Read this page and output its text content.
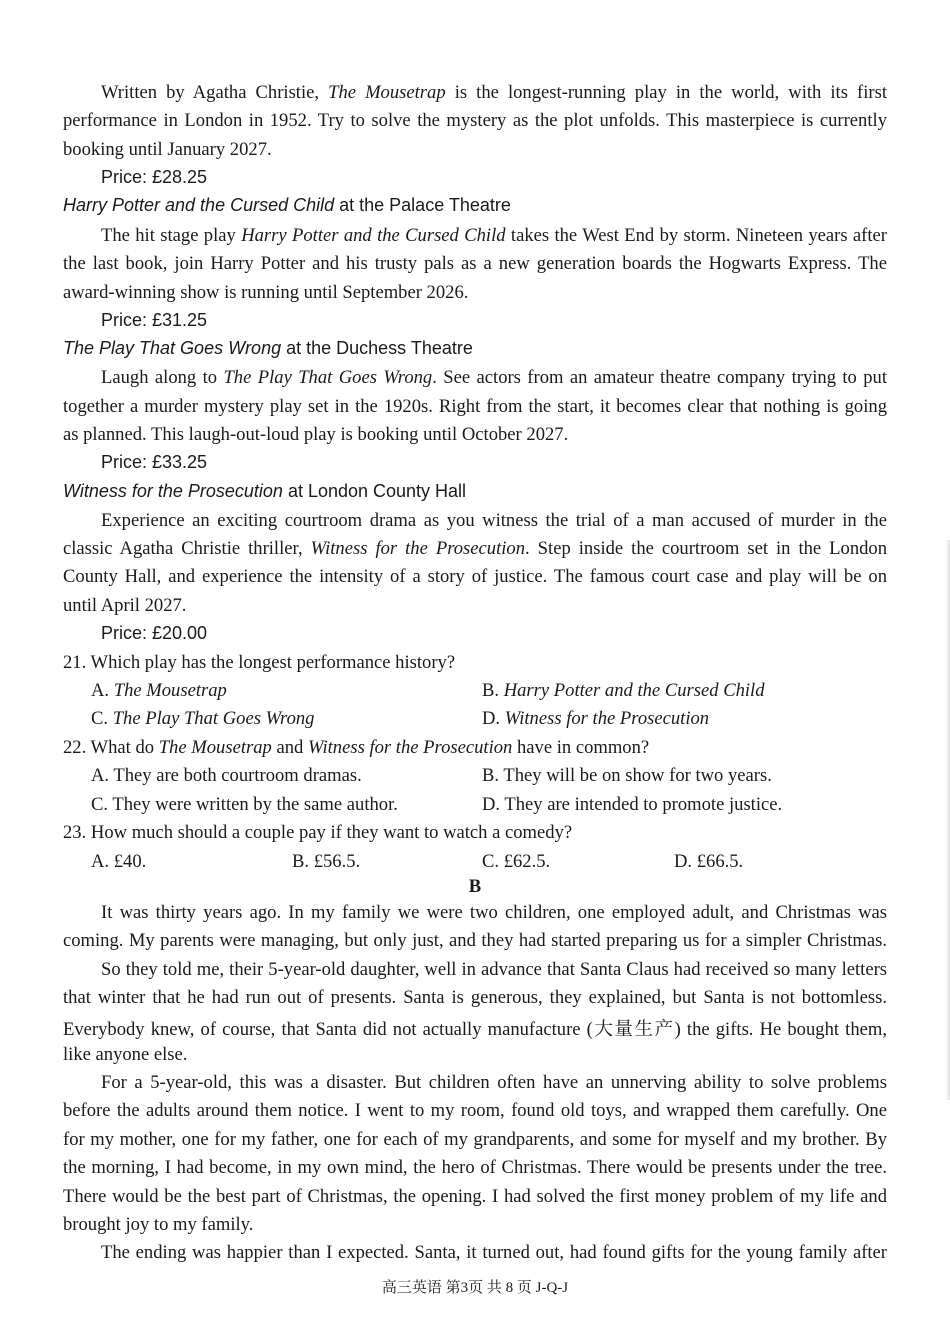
Written by Agatha Christie, The Mousetrap is the longest-running play in the world, with its first
performance in London in 1952. Try to solve the mystery as the plot unfolds. This masterpiece is currently
booking until January 2027.
Price: £28.25
Harry Potter and the Cursed Child at the Palace Theatre
The hit stage play Harry Potter and the Cursed Child takes the West End by storm. Nineteen years after
the last book, join Harry Potter and his trusty pals as a new generation boards the Hogwarts Express. The
award-winning show is running until September 2026.
Price: £31.25
The Play That Goes Wrong at the Duchess Theatre
Laugh along to The Play That Goes Wrong. See actors from an amateur theatre company trying to put
together a murder mystery play set in the 1920s. Right from the start, it becomes clear that nothing is going
as planned. This laugh-out-loud play is booking until October 2027.
Price: £33.25
Witness for the Prosecution at London County Hall
Experience an exciting courtroom drama as you witness the trial of a man accused of murder in the
classic Agatha Christie thriller, Witness for the Prosecution. Step inside the courtroom set in the London
County Hall, and experience the intensity of a story of justice. The famous court case and play will be on
until April 2027.
Price: £20.00
21. Which play has the longest performance history?
A. The Mousetrap	B. Harry Potter and the Cursed Child
C. The Play That Goes Wrong	D. Witness for the Prosecution
22. What do The Mousetrap and Witness for the Prosecution have in common?
A. They are both courtroom dramas.	B. They will be on show for two years.
C. They were written by the same author.	D. They are intended to promote justice.
23. How much should a couple pay if they want to watch a comedy?
A. £40.	B. £56.5.	C. £62.5.	D. £66.5.
B
It was thirty years ago. In my family we were two children, one employed adult, and Christmas was
coming. My parents were managing, but only just, and they had started preparing us for a simpler Christmas.
So they told me, their 5-year-old daughter, well in advance that Santa Claus had received so many letters
that winter that he had run out of presents. Santa is generous, they explained, but Santa is not bottomless.
Everybody knew, of course, that Santa did not actually manufacture (大量生产) the gifts. He bought them,
like anyone else.
For a 5-year-old, this was a disaster. But children often have an unnerving ability to solve problems
before the adults around them notice. I went to my room, found old toys, and wrapped them carefully. One
for my mother, one for my father, one for each of my grandparents, and some for myself and my brother. By
the morning, I had become, in my own mind, the hero of Christmas. There would be presents under the tree.
There would be the best part of Christmas, the opening. I had solved the first money problem of my life and
brought joy to my family.
The ending was happier than I expected. Santa, it turned out, had found gifts for the young family after
高三英语 第3页 共 8 页 J-Q-J
